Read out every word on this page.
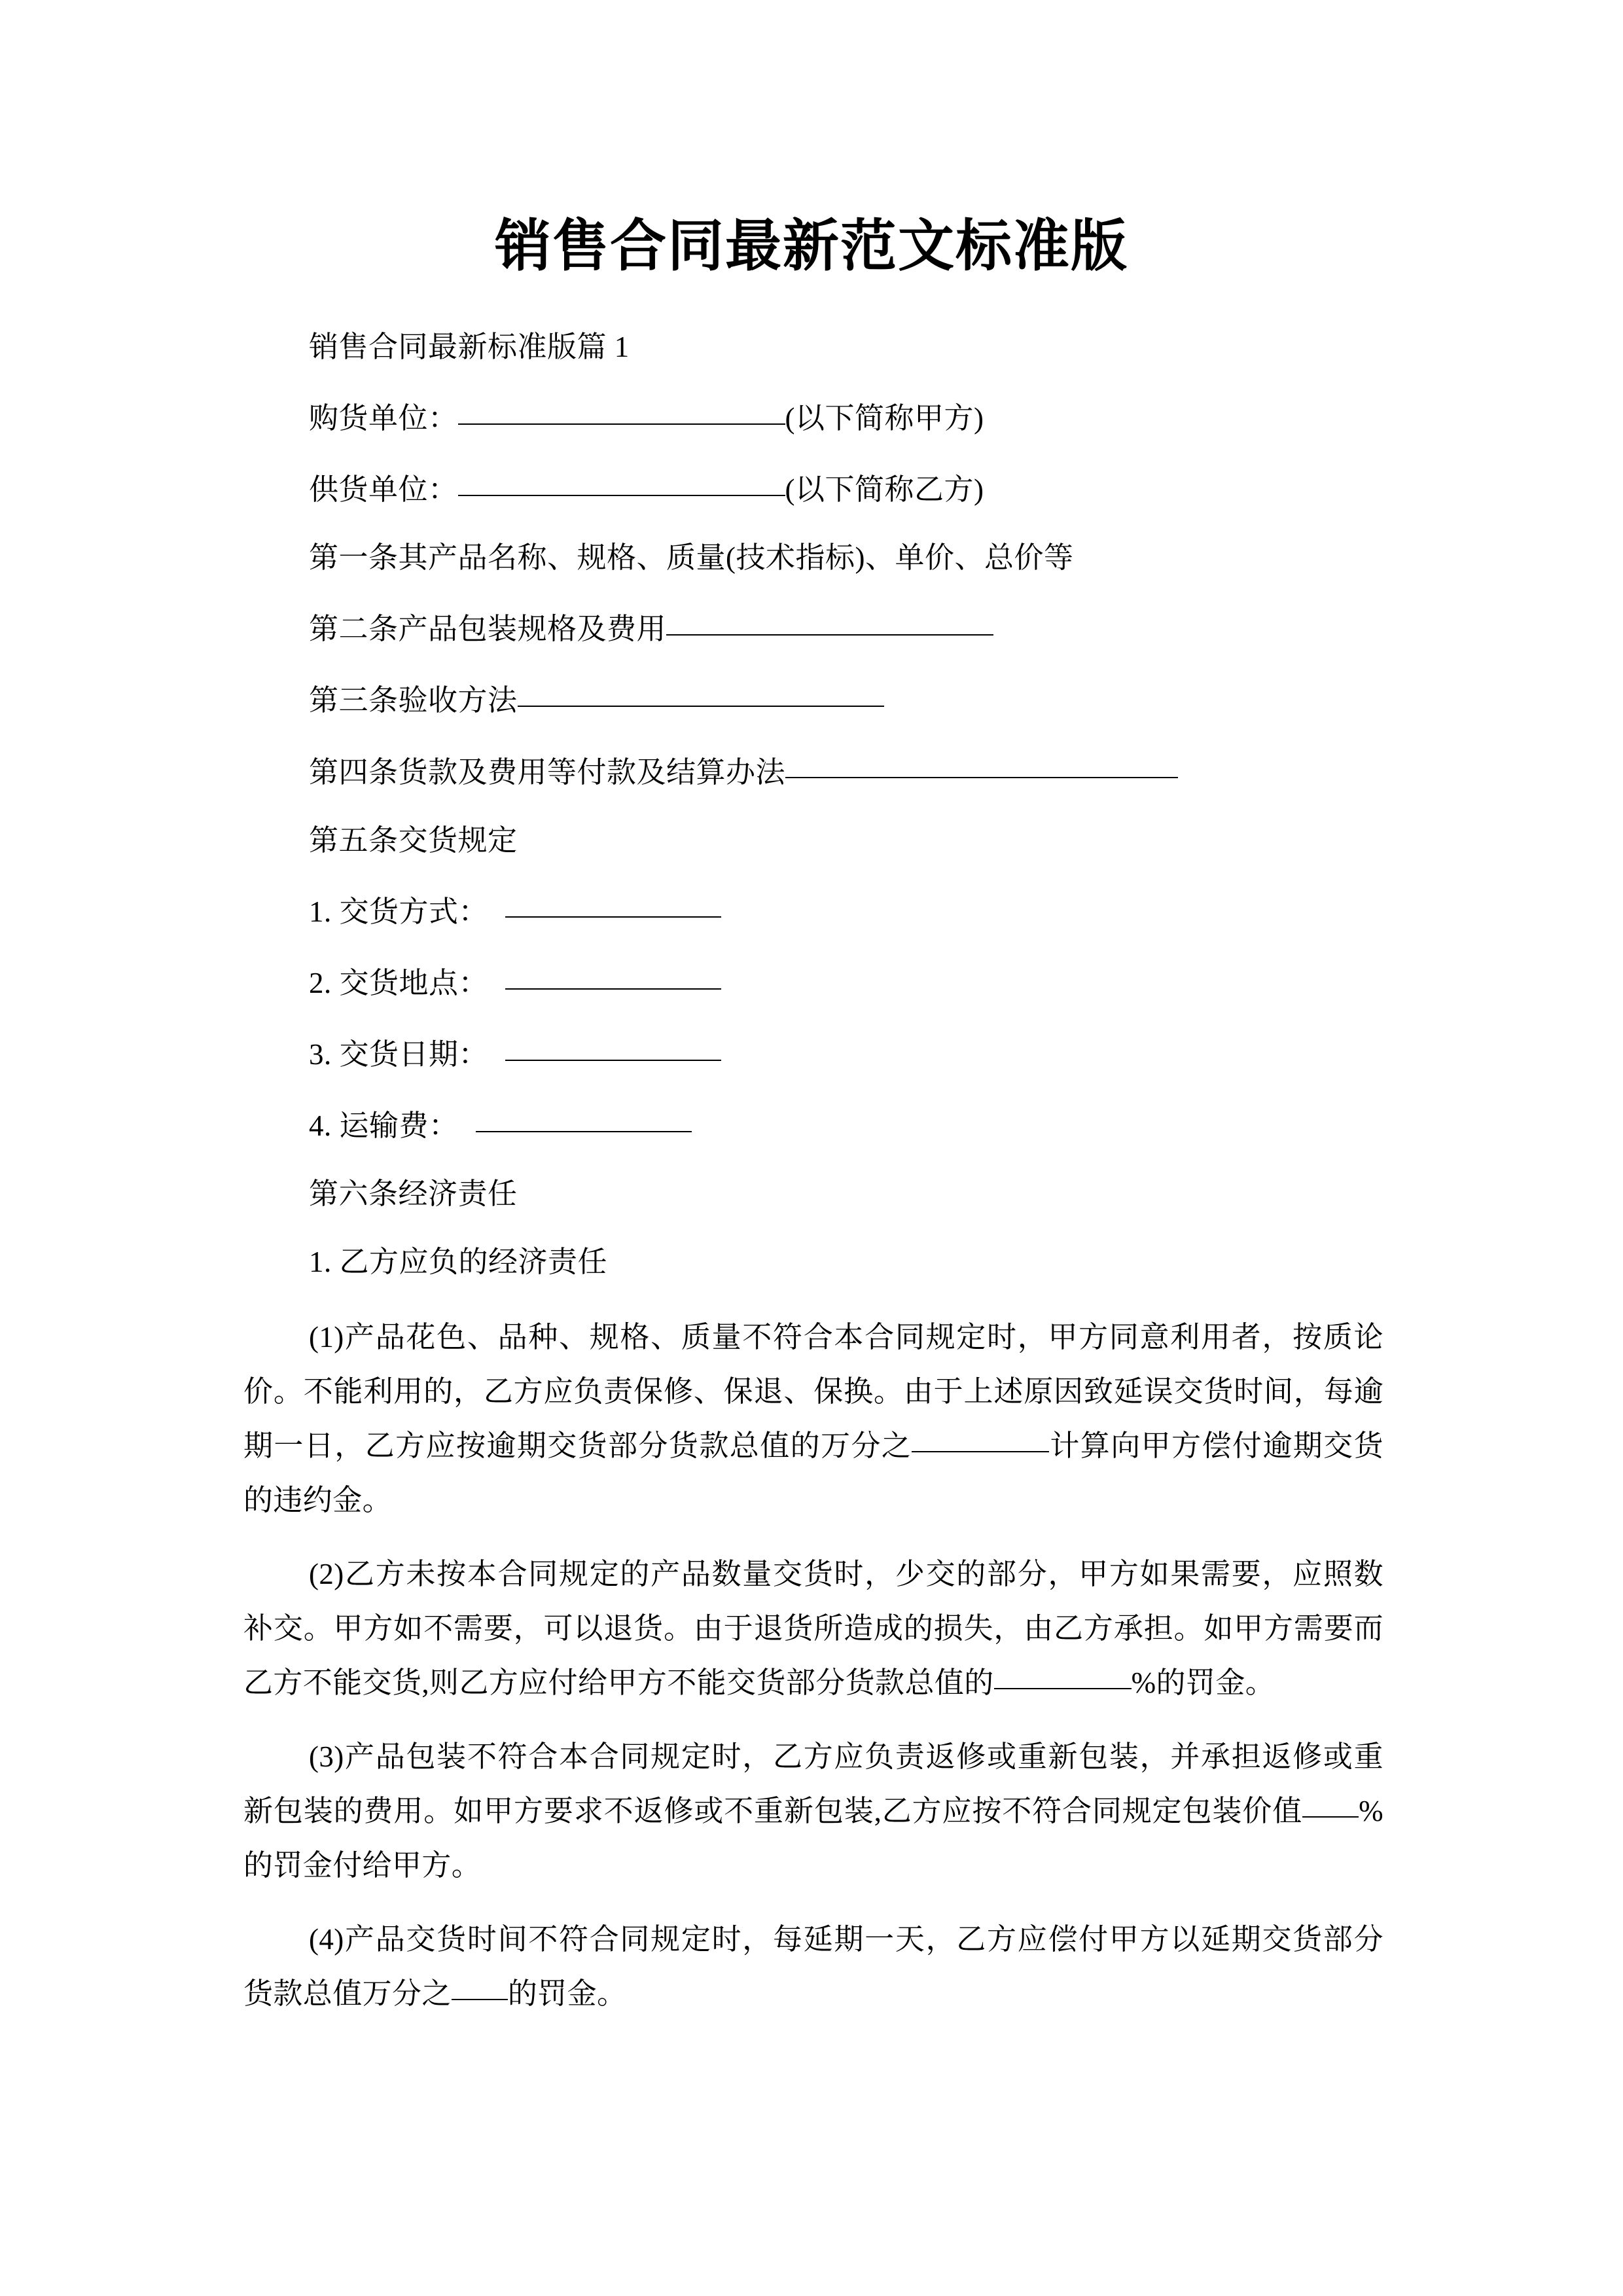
销售合同最新范文标准版

销售合同最新标准版篇 1

购货单位：	(以下简称甲方)

供货单位：	(以下简称乙方)

第一条其产品名称、规格、质量(技术指标)、单价、总价等

第二条产品包装规格及费用

第三条验收方法

第四条货款及费用等付款及结算办法

第五条交货规定

1. 交货方式：

2. 交货地点：

3. 交货日期：

4. 运输费：

第六条经济责任

1. 乙方应负的经济责任

(1)产品花色、品种、规格、质量不符合本合同规定时，甲方同意利用者，按质论价。不能利用的，乙方应负责保修、保退、保换。由于上述原因致延误交货时间，每逾期一日，乙方应按逾期交货部分货款总值的万分之	计算向甲方偿付逾期交货的违约金。

(2)乙方未按本合同规定的产品数量交货时，少交的部分，甲方如果需要，应照数补交。甲方如不需要，可以退货。由于退货所造成的损失，由乙方承担。如甲方需要而乙方不能交货,则乙方应付给甲方不能交货部分货款总值的	%的罚金。

(3)产品包装不符合本合同规定时，乙方应负责返修或重新包装，并承担返修或重新包装的费用。如甲方要求不返修或不重新包装,乙方应按不符合同规定包装价值 %的罚金付给甲方。

(4)产品交货时间不符合同规定时，每延期一天，乙方应偿付甲方以延期交货部分货款总值万分之 的罚金。
